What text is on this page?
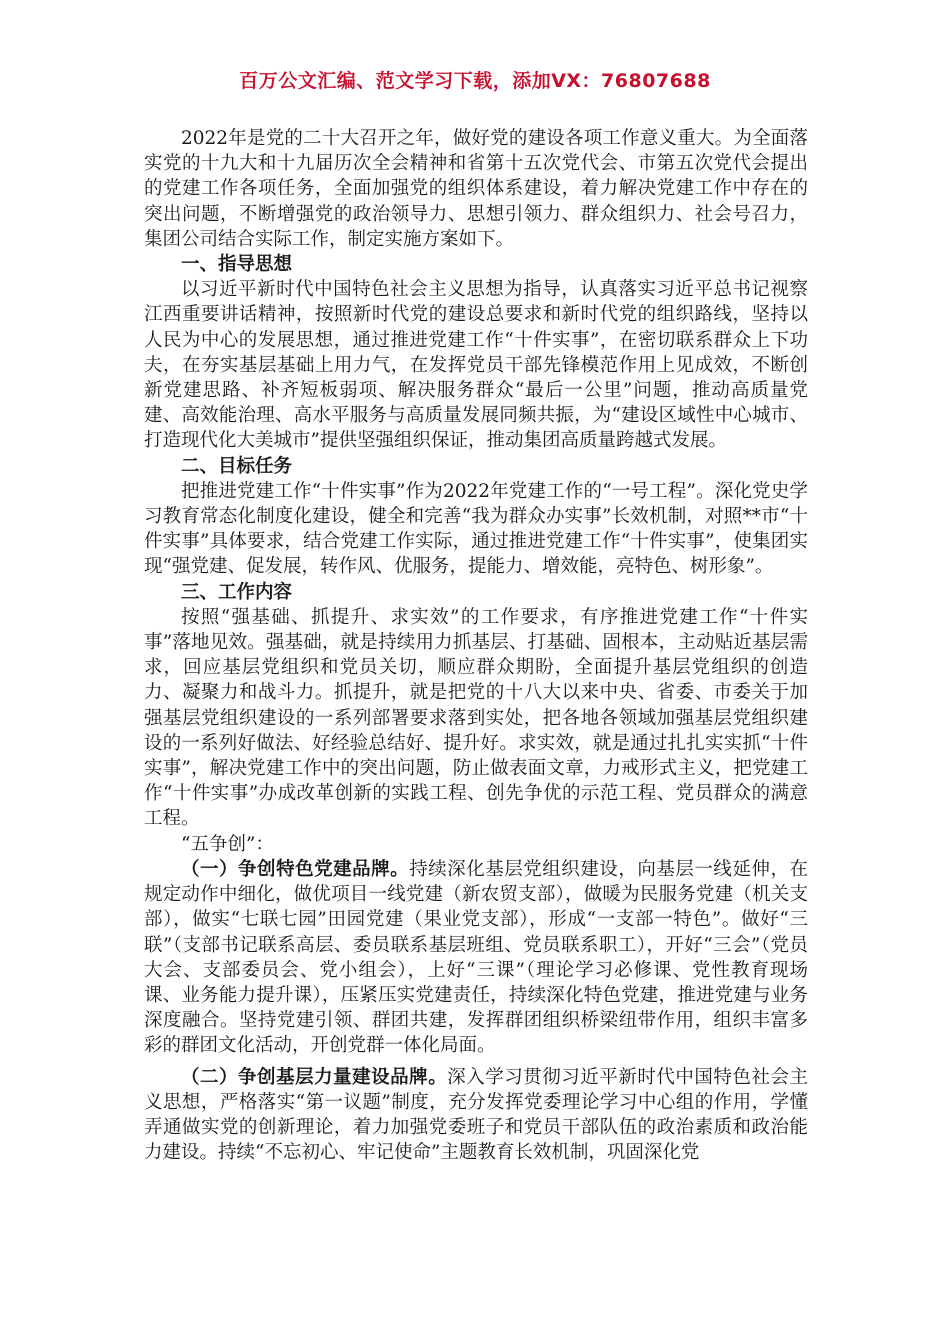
百万公文汇编、范文学习下载，添加VX：76807688

2022年是党的二十大召开之年，做好党的建设各项工作意义重大。为全面落实党的十九大和十九届历次全会精神和省第十五次党代会、市第五次党代会提出的党建工作各项任务，全面加强党的组织体系建设，着力解决党建工作中存在的突出问题，不断增强党的政治领导力、思想引领力、群众组织力、社会号召力，集团公司结合实际工作，制定实施方案如下。

一、指导思想

以习近平新时代中国特色社会主义思想为指导，认真落实习近平总书记视察江西重要讲话精神，按照新时代党的建设总要求和新时代党的组织路线，坚持以人民为中心的发展思想，通过推进党建工作“十件实事”，在密切联系群众上下功夫，在夯实基层基础上用力气，在发挥党员干部先锋模范作用上见成效，不断创新党建思路、补齐短板弱项、解决服务群众“最后一公里”问题，推动高质量党建、高效能治理、高水平服务与高质量发展同频共振，为“建设区域性中心城市、打造现代化大美城市”提供坚强组织保证，推动集团高质量跨越式发展。

二、目标任务

把推进党建工作“十件实事”作为2022年党建工作的“一号工程”。深化党史学习教育常态化制度化建设，健全和完善“我为群众办实事”长效机制，对照**市“十件实事”具体要求，结合党建工作实际，通过推进党建工作“十件实事”，使集团实现“强党建、促发展，转作风、优服务，提能力、增效能，亮特色、树形象”。

三、工作内容

按照“强基础、抓提升、求实效”的工作要求，有序推进党建工作“十件实事”落地见效。强基础，就是持续用力抓基层、打基础、固根本，主动贴近基层需求，回应基层党组织和党员关切，顺应群众期盼，全面提升基层党组织的创造力、凝聚力和战斗力。抓提升，就是把党的十八大以来中央、省委、市委关于加强基层党组织建设的一系列部署要求落到实处，把各地各领域加强基层党组织建设的一系列好做法、好经验总结好、提升好。求实效，就是通过扎扎实实抓“十件实事”，解决党建工作中的突出问题，防止做表面文章，力戒形式主义，把党建工作“十件实事”办成改革创新的实践工程、创先争优的示范工程、党员群众的满意工程。

“五争创”：

（一）争创特色党建品牌。持续深化基层党组织建设，向基层一线延伸，在规定动作中细化，做优项目一线党建（新农贸支部），做暖为民服务党建（机关支部），做实“七联七园”田园党建（果业党支部），形成“一支部一特色”。做好“三联”（支部书记联系高层、委员联系基层班组、党员联系职工），开好“三会”（党员大会、支部委员会、党小组会），上好“三课”（理论学习必修课、党性教育现场课、业务能力提升课），压紧压实党建责任，持续深化特色党建，推进党建与业务深度融合。坚持党建引领、群团共建，发挥群团组织桥梁纽带作用，组织丰富多彩的群团文化活动，开创党群一体化局面。

（二）争创基层力量建设品牌。深入学习贯彻习近平新时代中国特色社会主义思想，严格落实“第一议题”制度，充分发挥党委理论学习中心组的作用，学懂弄通做实党的创新理论，着力加强党委班子和党员干部队伍的政治素质和政治能力建设。持续“不忘初心、牢记使命”主题教育长效机制，巩固深化党
